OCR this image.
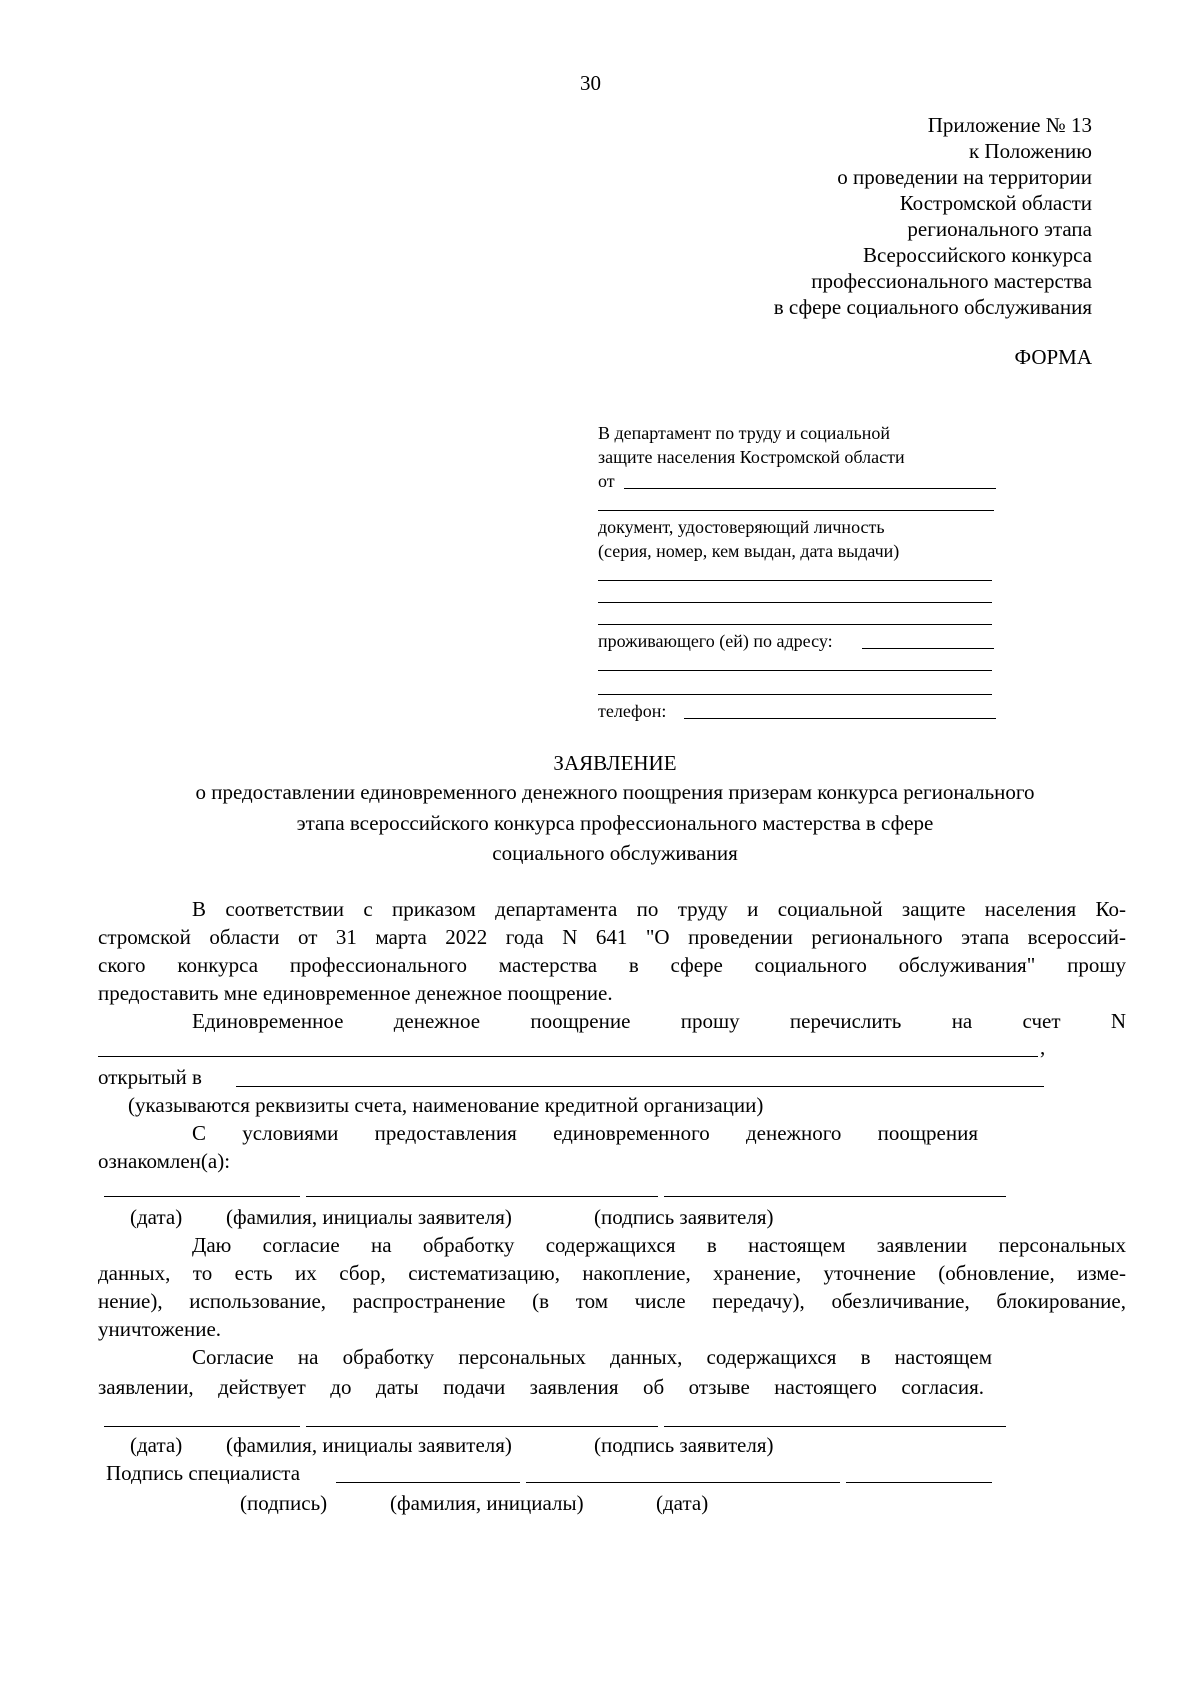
30
Приложение № 13
к Положению
о проведении на территории
Костромской области
регионального этапа
Всероссийского конкурса
профессионального мастерства
в сфере социального обслуживания
ФОРМА
В департамент по труду и социальной
защите населения Костромской области
от
документ, удостоверяющий личность
(серия, номер, кем выдан, дата выдачи)
проживающего (ей) по адресу:
телефон:
ЗАЯВЛЕНИЕ
о предоставлении единовременного денежного поощрения призерам конкурса регионального
этапа всероссийского конкурса профессионального мастерства в сфере
социального обслуживания
В соответствии с приказом департамента по труду и социальной защите населения Ко-
стромской области от 31 марта 2022 года N 641 "О проведении регионального этапа всероссий-
ского конкурса профессионального мастерства в сфере социального обслуживания" прошу
предоставить мне единовременное денежное поощрение.
Единовременное денежное поощрение прошу перечислить на счет N
,
открытый в
(указываются реквизиты счета, наименование кредитной организации)
С условиями предоставления единовременного денежного поощрения
ознакомлен(а):
(дата) (фамилия, инициалы заявителя)	(подпись заявителя)
Даю согласие на обработку содержащихся в настоящем заявлении персональных
данных, то есть их сбор, систематизацию, накопление, хранение, уточнение (обновление, изме-
нение), использование, распространение (в том числе передачу), обезличивание, блокирование,
уничтожение.
Согласие на обработку персональных данных, содержащихся в настоящем
заявлении, действует до даты подачи заявления об отзыве настоящего согласия.
(дата) (фамилия, инициалы заявителя)	(подпись заявителя)
Подпись специалиста
(подпись)	(фамилия, инициалы)	(дата)
